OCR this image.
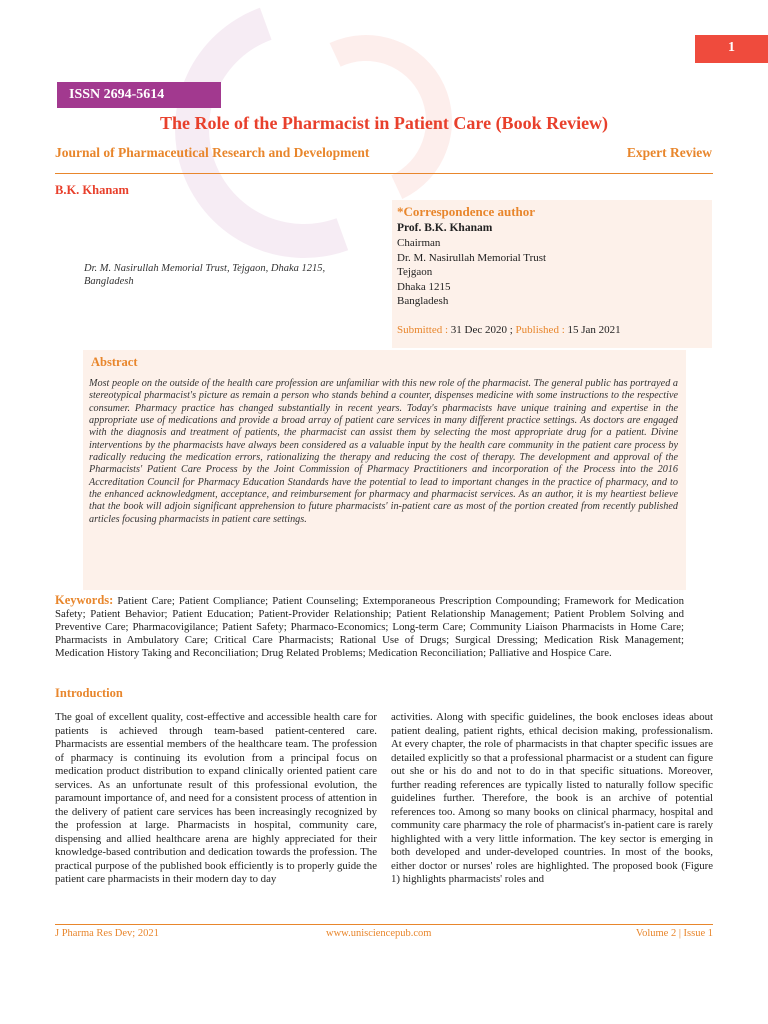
1
ISSN 2694-5614
The Role of the Pharmacist in Patient Care (Book Review)
Journal of Pharmaceutical Research and Development	Expert Review
B.K. Khanam
Dr. M. Nasirullah Memorial Trust, Tejgaon, Dhaka 1215, Bangladesh
*Correspondence author
Prof. B.K. Khanam
Chairman
Dr. M. Nasirullah Memorial Trust
Tejgaon
Dhaka 1215
Bangladesh
Submitted : 31 Dec 2020 ; Published : 15 Jan 2021
Abstract
Most people on the outside of the health care profession are unfamiliar with this new role of the pharmacist. The general public has portrayed a stereotypical pharmacist's picture as remain a person who stands behind a counter, dispenses medicine with some instructions to the respective consumer. Pharmacy practice has changed substantially in recent years. Today's pharmacists have unique training and expertise in the appropriate use of medications and provide a broad array of patient care services in many different practice settings. As doctors are engaged with the diagnosis and treatment of patients, the pharmacist can assist them by selecting the most appropriate drug for a patient. Divine interventions by the pharmacists have always been considered as a valuable input by the health care community in the patient care process by radically reducing the medication errors, rationalizing the therapy and reducing the cost of therapy. The development and approval of the Pharmacists' Patient Care Process by the Joint Commission of Pharmacy Practitioners and incorporation of the Process into the 2016 Accreditation Council for Pharmacy Education Standards have the potential to lead to important changes in the practice of pharmacy, and to the enhanced acknowledgment, acceptance, and reimbursement for pharmacy and pharmacist services. As an author, it is my heartiest believe that the book will adjoin significant apprehension to future pharmacists' in-patient care as most of the portion created from recently published articles focusing pharmacists in patient care settings.
Keywords: Patient Care; Patient Compliance; Patient Counseling; Extemporaneous Prescription Compounding; Framework for Medication Safety; Patient Behavior; Patient Education; Patient-Provider Relationship; Patient Relationship Management; Patient Problem Solving and Preventive Care; Pharmacovigilance; Patient Safety; Pharmaco-Economics; Long-term Care; Community Liaison Pharmacists in Home Care; Pharmacists in Ambulatory Care; Critical Care Pharmacists; Rational Use of Drugs; Surgical Dressing; Medication Risk Management; Medication History Taking and Reconciliation; Drug Related Problems; Medication Reconciliation; Palliative and Hospice Care.
Introduction

The goal of excellent quality, cost-effective and accessible health care for patients is achieved through team-based patient-centered care. Pharmacists are essential members of the healthcare team. The profession of pharmacy is continuing its evolution from a principal focus on medication product distribution to expand clinically oriented patient care services. As an unfortunate result of this professional evolution, the paramount importance of, and need for a consistent process of attention in the delivery of patient care services has been increasingly recognized by the profession at large. Pharmacists in hospital, community care, dispensing and allied healthcare arena are highly appreciated for their knowledge-based contribution and dedication towards the profession. The practical purpose of the published book efficiently is to properly guide the patient care pharmacists in their modern day to day

activities. Along with specific guidelines, the book encloses ideas about patient dealing, patient rights, ethical decision making, professionalism. At every chapter, the role of pharmacists in that chapter specific issues are detailed explicitly so that a professional pharmacist or a student can figure out she or his do and not to do in that specific situations. Moreover, further reading references are typically listed to naturally follow specific guidelines further. Therefore, the book is an archive of potential references too. Among so many books on clinical pharmacy, hospital and community care pharmacy the role of pharmacist's in-patient care is rarely highlighted with a very little information. The key sector is emerging in both developed and under-developed countries. In most of the books, either doctor or nurses' roles are highlighted. The proposed book (Figure 1) highlights pharmacists' roles and

J Pharma Res Dev; 2021	www.unisciencepub.com	Volume 2 | Issue 1
